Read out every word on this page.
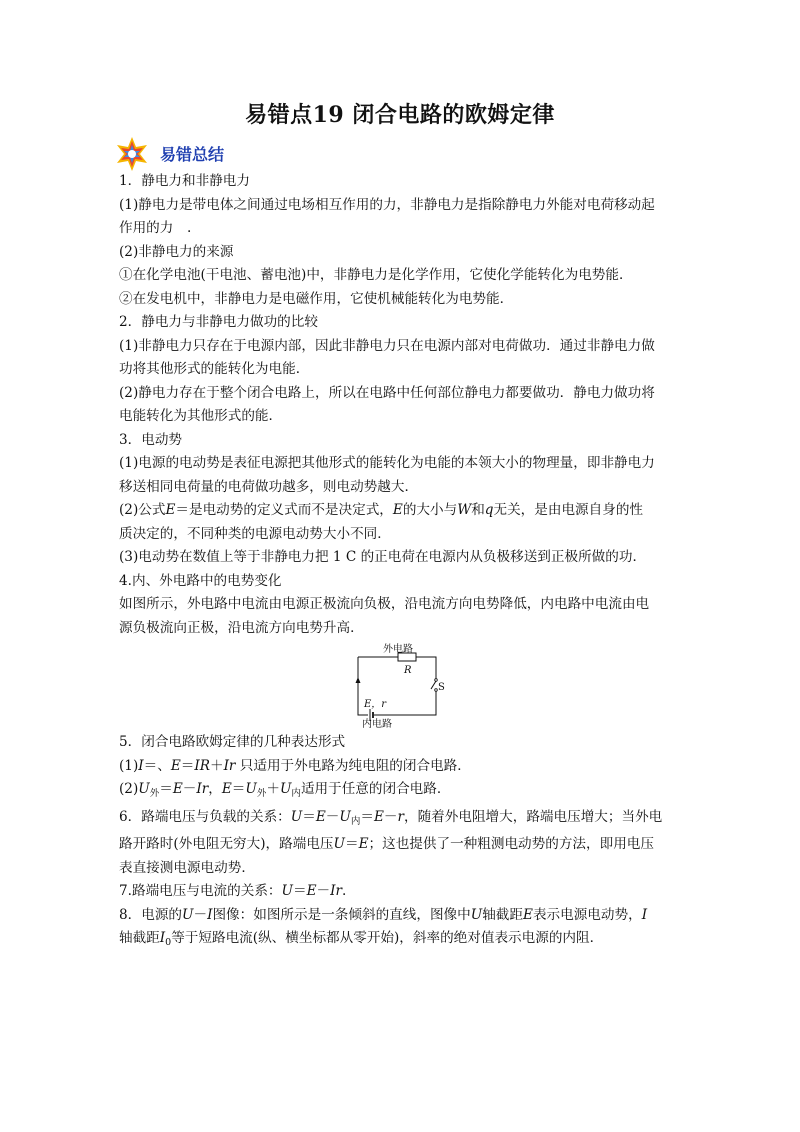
易错点19 闭合电路的欧姆定律
易错总结

1．静电力和非静电力

(1)静电力是带电体之间通过电场相互作用的力，非静电力是指除静电力外能对电荷移动起

作用的力　.

(2)非静电力的来源

①在化学电池(干电池、蓄电池)中，非静电力是化学作用，它使化学能转化为电势能．

②在发电机中，非静电力是电磁作用，它使机械能转化为电势能．

2．静电力与非静电力做功的比较

(1)非静电力只存在于电源内部，因此非静电力只在电源内部对电荷做功．通过非静电力做

功将其他形式的能转化为电能．

(2)静电力存在于整个闭合电路上，所以在电路中任何部位静电力都要做功．静电力做功将

电能转化为其他形式的能．

3．电动势

(1)电源的电动势是表征电源把其他形式的能转化为电能的本领大小的物理量，即非静电力

移送相同电荷量的电荷做功越多，则电动势越大．

(2)公式E＝是电动势的定义式而不是决定式，E的大小与W和q无关，是由电源自身的性

质决定的，不同种类的电源电动势大小不同．

(3)电动势在数值上等于非静电力把 1 C 的正电荷在电源内从负极移送到正极所做的功．

4.内、外电路中的电势变化

如图所示，外电路中电流由电源正极流向负极，沿电流方向电势降低，内电路中电流由电

源负极流向正极，沿电流方向电势升高．

外电路
R
S
E，r
内电路

5．闭合电路欧姆定律的几种表达形式

(1)I＝、E＝IR＋Ir 只适用于外电路为纯电阻的闭合电路．

$(2)U_外=E-Ir$，$E=U_外+U_内$适用于任意的闭合电路．

6．路端电压与负载的关系：$U=E-U_内=E-r$，随着外电阻增大，路端电压增大；当外电

路开路时(外电阻无穷大)，路端电压U＝E；这也提供了一种粗测电动势的方法，即用电压

表直接测电源电动势．

7.路端电压与电流的关系：U＝E－Ir.

8．电源的U－I图像：如图所示是一条倾斜的直线，图像中U轴截距E表示电源电动势，I

轴截距$I_0$等于短路电流(纵、横坐标都从零开始)，斜率的绝对值表示电源的内阻．
